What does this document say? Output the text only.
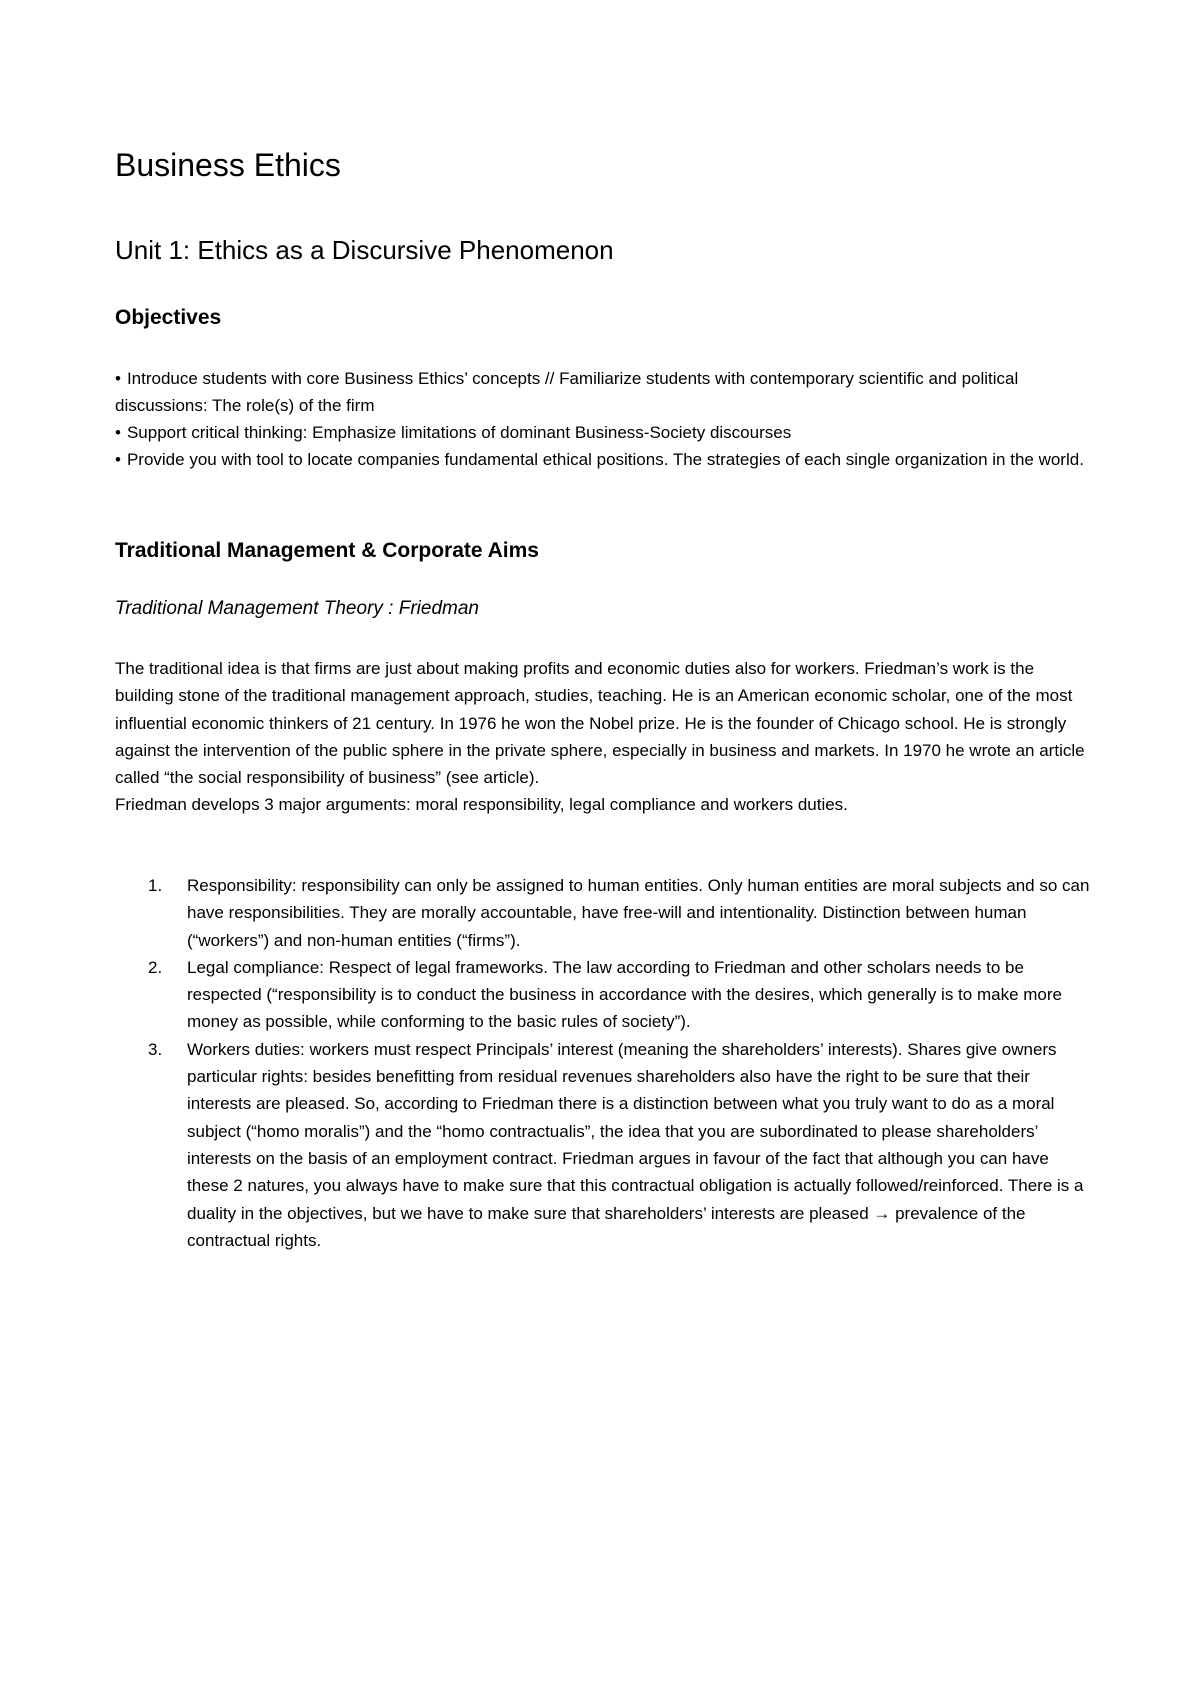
Business Ethics
Unit 1: Ethics as a Discursive Phenomenon
Objectives
• Introduce students with core Business Ethics’ concepts // Familiarize students with contemporary scientific and political discussions: The role(s) of the firm
• Support critical thinking: Emphasize limitations of dominant Business-Society discourses
• Provide you with tool to locate companies fundamental ethical positions. The strategies of each single organization in the world.
Traditional Management & Corporate Aims
Traditional Management Theory : Friedman

The traditional idea is that firms are just about making profits and economic duties also for workers. Friedman’s work is the building stone of the traditional management approach, studies, teaching. He is an American economic scholar, one of the most influential economic thinkers of 21 century. In 1976 he won the Nobel prize. He is the founder of Chicago school. He is strongly against the intervention of the public sphere in the private sphere, especially in business and markets. In 1970 he wrote an article called “the social responsibility of business” (see article).

Friedman develops 3 major arguments: moral responsibility, legal compliance and workers duties.

1. Responsibility: responsibility can only be assigned to human entities. Only human entities are moral subjects and so can have responsibilities. They are morally accountable, have free-will and intentionality. Distinction between human (“workers”) and non-human entities (“firms”).
2. Legal compliance: Respect of legal frameworks. The law according to Friedman and other scholars needs to be respected (“responsibility is to conduct the business in accordance with the desires, which generally is to make more money as possible, while conforming to the basic rules of society”).
3. Workers duties: workers must respect Principals’ interest (meaning the shareholders’ interests). Shares give owners particular rights: besides benefitting from residual revenues shareholders also have the right to be sure that their interests are pleased. So, according to Friedman there is a distinction between what you truly want to do as a moral subject (“homo moralis”) and the “homo contractualis”, the idea that you are subordinated to please shareholders’ interests on the basis of an employment contract. Friedman argues in favour of the fact that although you can have these 2 natures, you always have to make sure that this contractual obligation is actually followed/reinforced. There is a duality in the objectives, but we have to make sure that shareholders’ interests are pleased → prevalence of the contractual rights.
